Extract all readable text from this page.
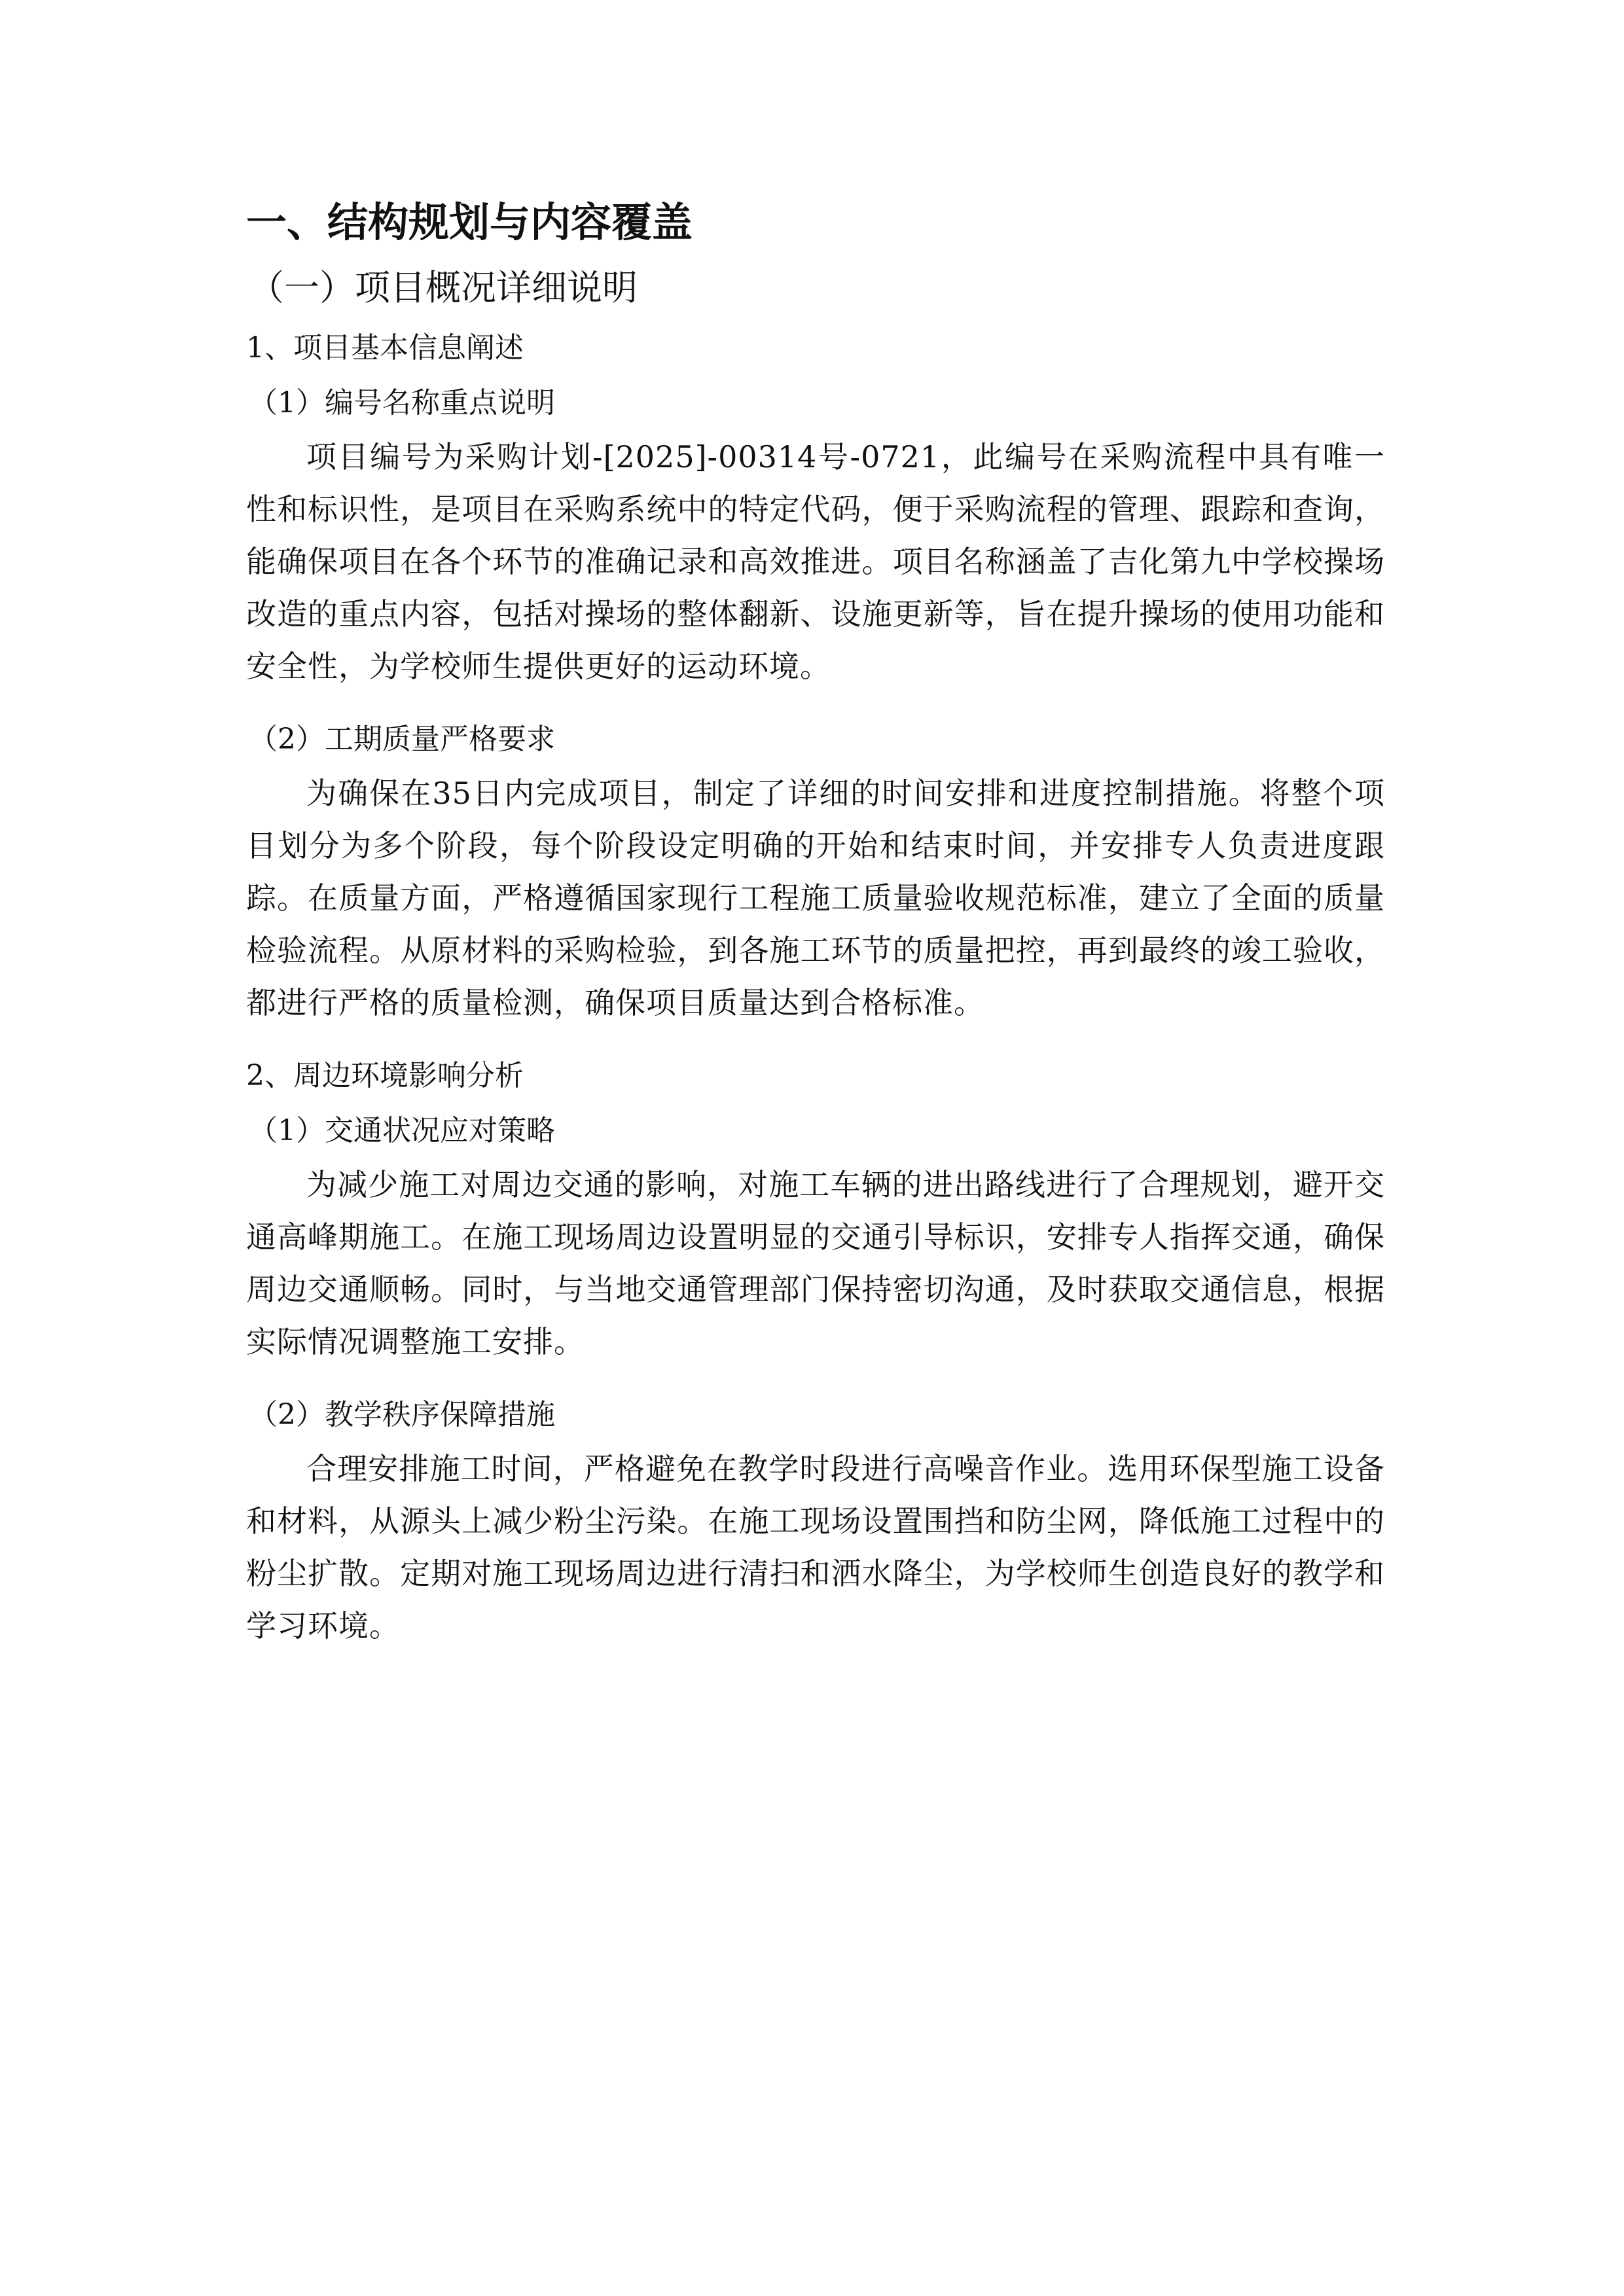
一、结构规划与内容覆盖
（一）项目概况详细说明
1、项目基本信息阐述
（1）编号名称重点说明

项目编号为采购计划-[2025]-00314号-0721，此编号在采购流程中具有唯一性和标识性，是项目在采购系统中的特定代码，便于采购流程的管理、跟踪和查询，能确保项目在各个环节的准确记录和高效推进。项目名称涵盖了吉化第九中学校操场改造的重点内容，包括对操场的整体翻新、设施更新等，旨在提升操场的使用功能和安全性，为学校师生提供更好的运动环境。

（2）工期质量严格要求

为确保在35日内完成项目，制定了详细的时间安排和进度控制措施。将整个项目划分为多个阶段，每个阶段设定明确的开始和结束时间，并安排专人负责进度跟踪。在质量方面，严格遵循国家现行工程施工质量验收规范标准，建立了全面的质量检验流程。从原材料的采购检验，到各施工环节的质量把控，再到最终的竣工验收，都进行严格的质量检测，确保项目质量达到合格标准。

2、周边环境影响分析
（1）交通状况应对策略

为减少施工对周边交通的影响，对施工车辆的进出路线进行了合理规划，避开交通高峰期施工。在施工现场周边设置明显的交通引导标识，安排专人指挥交通，确保周边交通顺畅。同时，与当地交通管理部门保持密切沟通，及时获取交通信息，根据实际情况调整施工安排。

（2）教学秩序保障措施

合理安排施工时间，严格避免在教学时段进行高噪音作业。选用环保型施工设备和材料，从源头上减少粉尘污染。在施工现场设置围挡和防尘网，降低施工过程中的粉尘扩散。定期对施工现场周边进行清扫和洒水降尘，为学校师生创造良好的教学和学习环境。
